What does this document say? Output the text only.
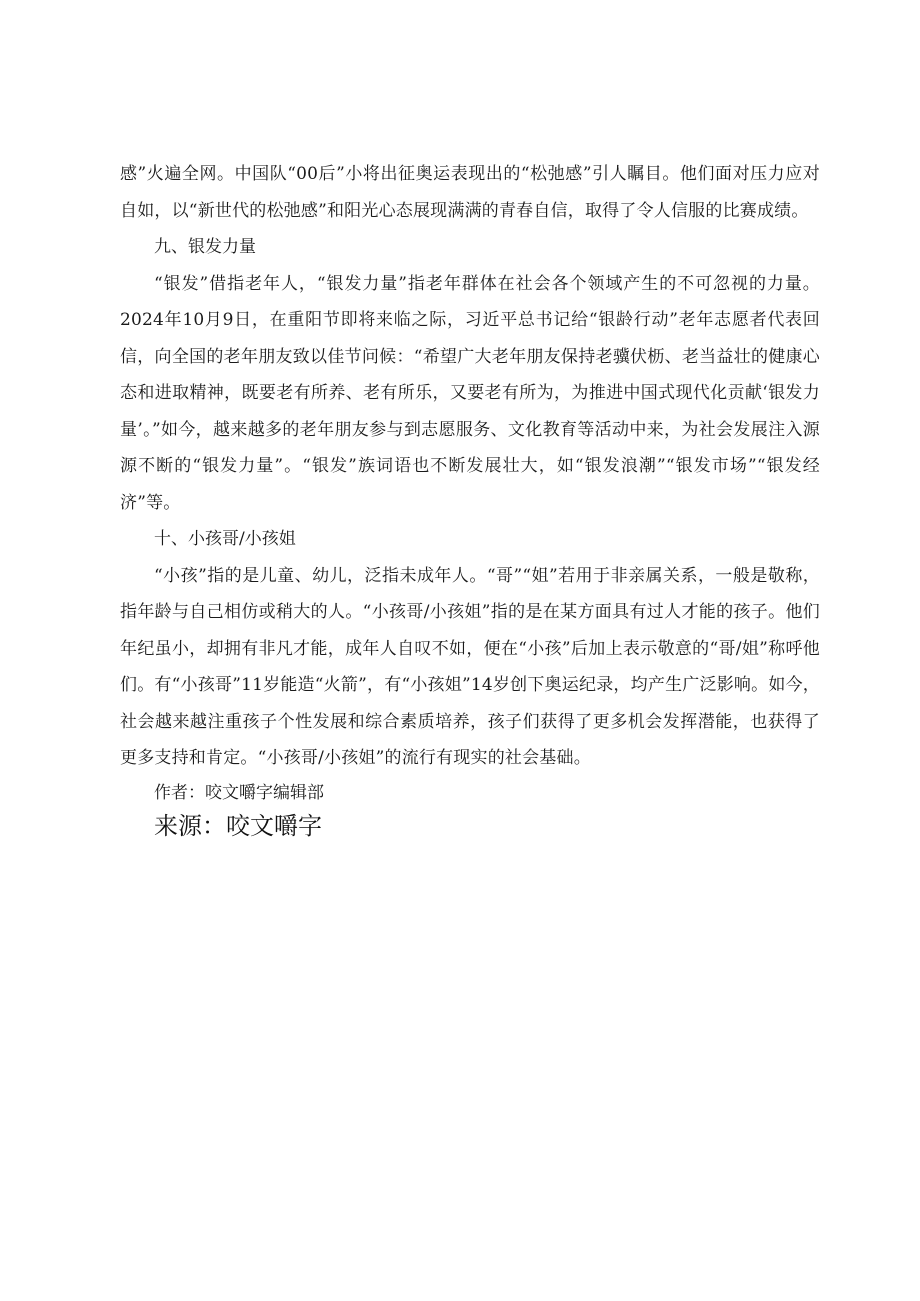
感”火遍全网。中国队“00后”小将出征奥运表现出的“松弛感”引人瞩目。他们面对压力应对自如，以“新世代的松弛感”和阳光心态展现满满的青春自信，取得了令人信服的比赛成绩。

九、银发力量

“银发”借指老年人，“银发力量”指老年群体在社会各个领域产生的不可忽视的力量。2024年10月9日，在重阳节即将来临之际，习近平总书记给“银龄行动”老年志愿者代表回信，向全国的老年朋友致以佳节问候：“希望广大老年朋友保持老骥伏枥、老当益壮的健康心态和进取精神，既要老有所养、老有所乐，又要老有所为，为推进中国式现代化贡献‘银发力量’。”如今，越来越多的老年朋友参与到志愿服务、文化教育等活动中来，为社会发展注入源源不断的“银发力量”。“银发”族词语也不断发展壮大，如“银发浪潮”“银发市场”“银发经济”等。

十、小孩哥/小孩姐

“小孩”指的是儿童、幼儿，泛指未成年人。“哥”“姐”若用于非亲属关系，一般是敬称，指年龄与自己相仿或稍大的人。“小孩哥/小孩姐”指的是在某方面具有过人才能的孩子。他们年纪虽小，却拥有非凡才能，成年人自叹不如，便在“小孩”后加上表示敬意的“哥/姐”称呼他们。有“小孩哥”11岁能造“火箭”，有“小孩姐”14岁创下奥运纪录，均产生广泛影响。如今，社会越来越注重孩子个性发展和综合素质培养，孩子们获得了更多机会发挥潜能，也获得了更多支持和肯定。“小孩哥/小孩姐”的流行有现实的社会基础。

作者：咬文嚼字编辑部

来源：咬文嚼字
